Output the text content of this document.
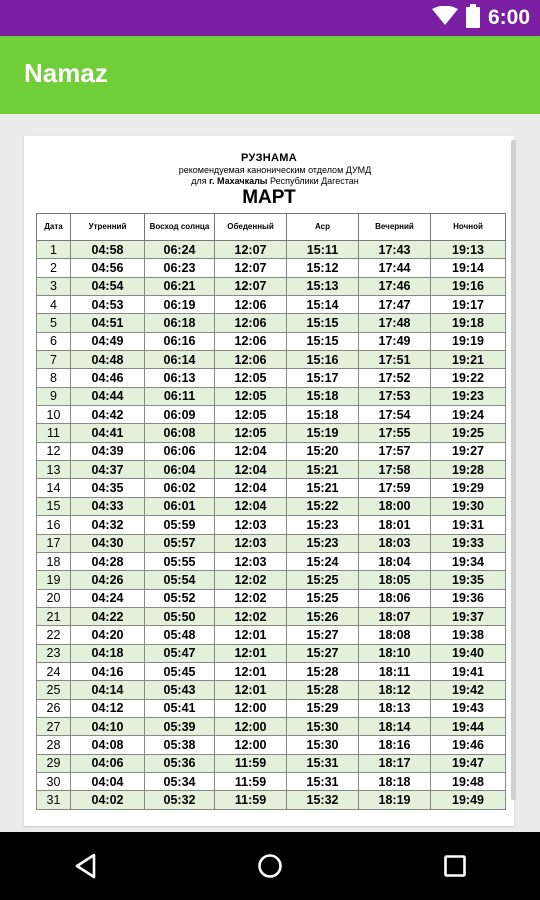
6:00
Namaz
РУЗНАМА
рекомендуемая каноническим отделом ДУМД
для г. Махачкалы Республики Дагестан
МАРТ
Дата	Утренний	Восход солнца	Обеденный	Аср	Вечерний	Ночной
1	04:58	06:24	12:07	15:11	17:43	19:13
2	04:56	06:23	12:07	15:12	17:44	19:14
3	04:54	06:21	12:07	15:13	17:46	19:16
4	04:53	06:19	12:06	15:14	17:47	19:17
5	04:51	06:18	12:06	15:15	17:48	19:18
6	04:49	06:16	12:06	15:15	17:49	19:19
7	04:48	06:14	12:06	15:16	17:51	19:21
8	04:46	06:13	12:05	15:17	17:52	19:22
9	04:44	06:11	12:05	15:18	17:53	19:23
10	04:42	06:09	12:05	15:18	17:54	19:24
11	04:41	06:08	12:05	15:19	17:55	19:25
12	04:39	06:06	12:04	15:20	17:57	19:27
13	04:37	06:04	12:04	15:21	17:58	19:28
14	04:35	06:02	12:04	15:21	17:59	19:29
15	04:33	06:01	12:04	15:22	18:00	19:30
16	04:32	05:59	12:03	15:23	18:01	19:31
17	04:30	05:57	12:03	15:23	18:03	19:33
18	04:28	05:55	12:03	15:24	18:04	19:34
19	04:26	05:54	12:02	15:25	18:05	19:35
20	04:24	05:52	12:02	15:25	18:06	19:36
21	04:22	05:50	12:02	15:26	18:07	19:37
22	04:20	05:48	12:01	15:27	18:08	19:38
23	04:18	05:47	12:01	15:27	18:10	19:40
24	04:16	05:45	12:01	15:28	18:11	19:41
25	04:14	05:43	12:01	15:28	18:12	19:42
26	04:12	05:41	12:00	15:29	18:13	19:43
27	04:10	05:39	12:00	15:30	18:14	19:44
28	04:08	05:38	12:00	15:30	18:16	19:46
29	04:06	05:36	11:59	15:31	18:17	19:47
30	04:04	05:34	11:59	15:31	18:18	19:48
31	04:02	05:32	11:59	15:32	18:19	19:49
